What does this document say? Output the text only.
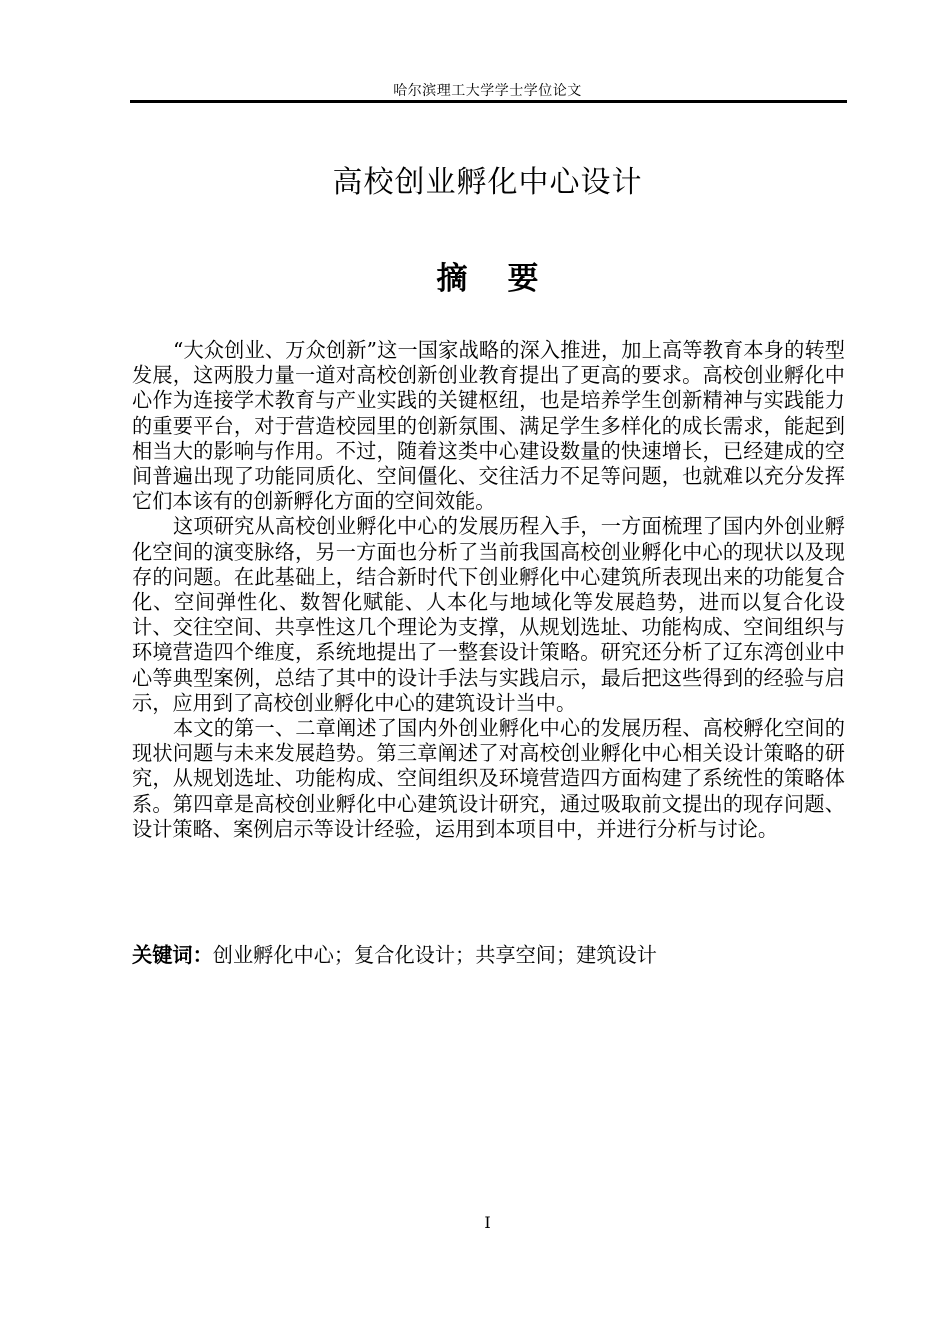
哈尔滨理工大学学士学位论文
高校创业孵化中心设计
摘要

“大众创业、万众创新”这一国家战略的深入推进，加上高等教育本身的转型发展，这两股力量一道对高校创新创业教育提出了更高的要求。高校创业孵化中心作为连接学术教育与产业实践的关键枢纽，也是培养学生创新精神与实践能力的重要平台，对于营造校园里的创新氛围、满足学生多样化的成长需求，能起到相当大的影响与作用。不过，随着这类中心建设数量的快速增长，已经建成的空间普遍出现了功能同质化、空间僵化、交往活力不足等问题，也就难以充分发挥它们本该有的创新孵化方面的空间效能。

这项研究从高校创业孵化中心的发展历程入手，一方面梳理了国内外创业孵化空间的演变脉络，另一方面也分析了当前我国高校创业孵化中心的现状以及现存的问题。在此基础上，结合新时代下创业孵化中心建筑所表现出来的功能复合化、空间弹性化、数智化赋能、人本化与地域化等发展趋势，进而以复合化设计、交往空间、共享性这几个理论为支撑，从规划选址、功能构成、空间组织与环境营造四个维度，系统地提出了一整套设计策略。研究还分析了辽东湾创业中心等典型案例，总结了其中的设计手法与实践启示，最后把这些得到的经验与启示，应用到了高校创业孵化中心的建筑设计当中。

本文的第一、二章阐述了国内外创业孵化中心的发展历程、高校孵化空间的现状问题与未来发展趋势。第三章阐述了对高校创业孵化中心相关设计策略的研究，从规划选址、功能构成、空间组织及环境营造四方面构建了系统性的策略体系。第四章是高校创业孵化中心建筑设计研究，通过吸取前文提出的现存问题、设计策略、案例启示等设计经验，运用到本项目中，并进行分析与讨论。

关键词：创业孵化中心；复合化设计；共享空间；建筑设计
I
